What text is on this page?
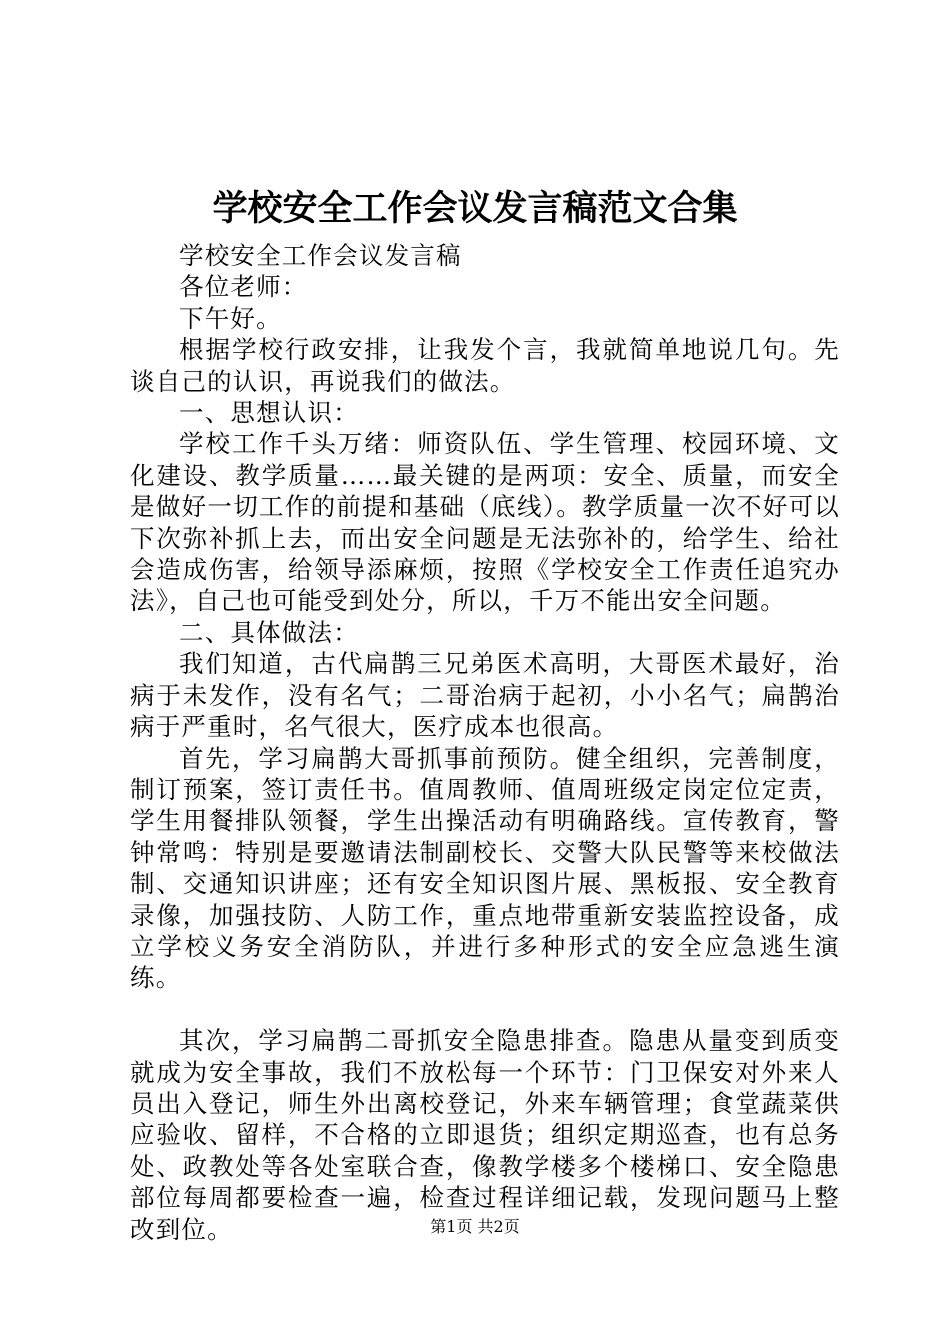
学校安全工作会议发言稿范文合集

学校安全工作会议发言稿

各位老师：

下午好。

根据学校行政安排，让我发个言，我就简单地说几句。先谈自己的认识，再说我们的做法。

一、思想认识：

学校工作千头万绪：师资队伍、学生管理、校园环境、文化建设、教学质量……最关键的是两项：安全、质量，而安全是做好一切工作的前提和基础（底线）。教学质量一次不好可以下次弥补抓上去，而出安全问题是无法弥补的，给学生、给社会造成伤害，给领导添麻烦，按照《学校安全工作责任追究办法》，自己也可能受到处分，所以，千万不能出安全问题。

二、具体做法：

我们知道，古代扁鹊三兄弟医术高明，大哥医术最好，治病于未发作，没有名气；二哥治病于起初，小小名气；扁鹊治病于严重时，名气很大，医疗成本也很高。

首先，学习扁鹊大哥抓事前预防。健全组织，完善制度，制订预案，签订责任书。值周教师、值周班级定岗定位定责，学生用餐排队领餐，学生出操活动有明确路线。宣传教育，警钟常鸣：特别是要邀请法制副校长、交警大队民警等来校做法制、交通知识讲座；还有安全知识图片展、黑板报、安全教育录像，加强技防、人防工作，重点地带重新安装监控设备，成立学校义务安全消防队，并进行多种形式的安全应急逃生演练。

其次，学习扁鹊二哥抓安全隐患排查。隐患从量变到质变就成为安全事故，我们不放松每一个环节：门卫保安对外来人员出入登记，师生外出离校登记，外来车辆管理；食堂蔬菜供应验收、留样，不合格的立即退货；组织定期巡查，也有总务处、政教处等各处室联合查，像教学楼多个楼梯口、安全隐患部位每周都要检查一遍，检查过程详细记载，发现问题马上整改到位。	第1页 共2页
